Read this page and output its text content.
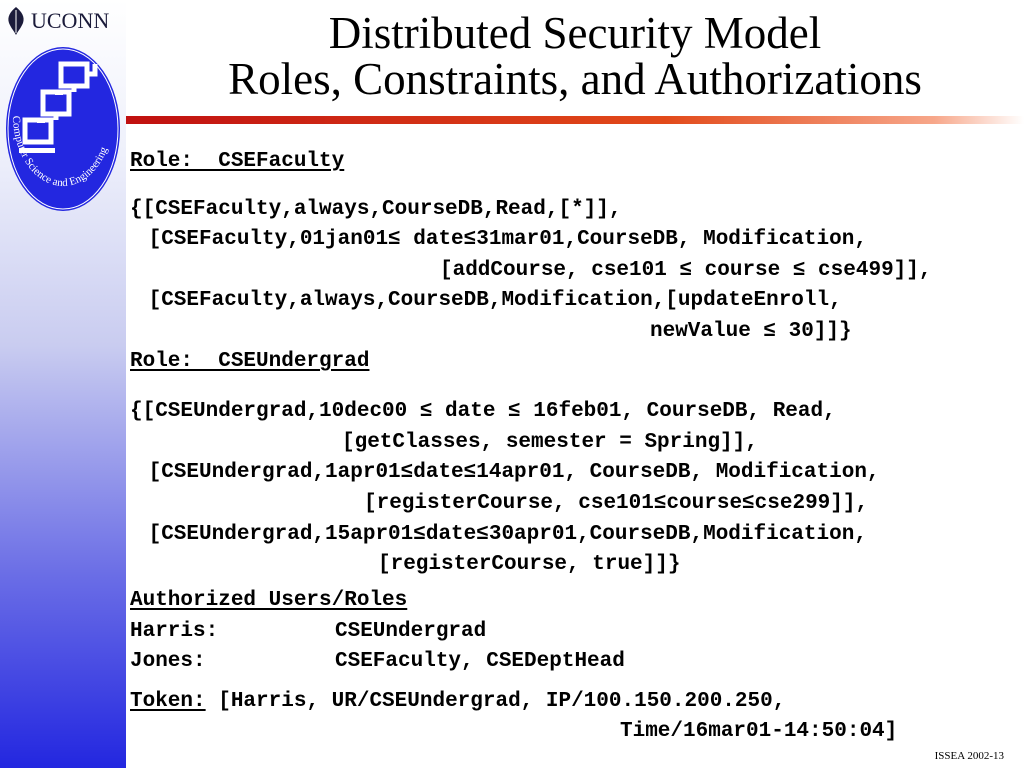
UCONN
Computer Science and Engineering
Distributed Security Model
Roles, Constraints, and Authorizations
Role:  CSEFaculty
{[CSEFaculty,always,CourseDB,Read,[*]],
[CSEFaculty,01jan01≤ date≤31mar01,CourseDB, Modification,
[addCourse, cse101 ≤ course ≤ cse499]],
[CSEFaculty,always,CourseDB,Modification,[updateEnroll,
newValue ≤ 30]]}
Role:  CSEUndergrad
{[CSEUndergrad,10dec00 ≤ date ≤ 16feb01, CourseDB, Read,
[getClasses, semester = Spring]],
[CSEUndergrad,1apr01≤date≤14apr01, CourseDB, Modification,
[registerCourse, cse101≤course≤cse299]],
[CSEUndergrad,15apr01≤date≤30apr01,CourseDB,Modification,
[registerCourse, true]]}
Authorized Users/Roles
Harris:	CSEUndergrad
Jones:	CSEFaculty, CSEDeptHead
Token: [Harris, UR/CSEUndergrad, IP/100.150.200.250,
Time/16mar01-14:50:04]
ISSEA 2002-13
